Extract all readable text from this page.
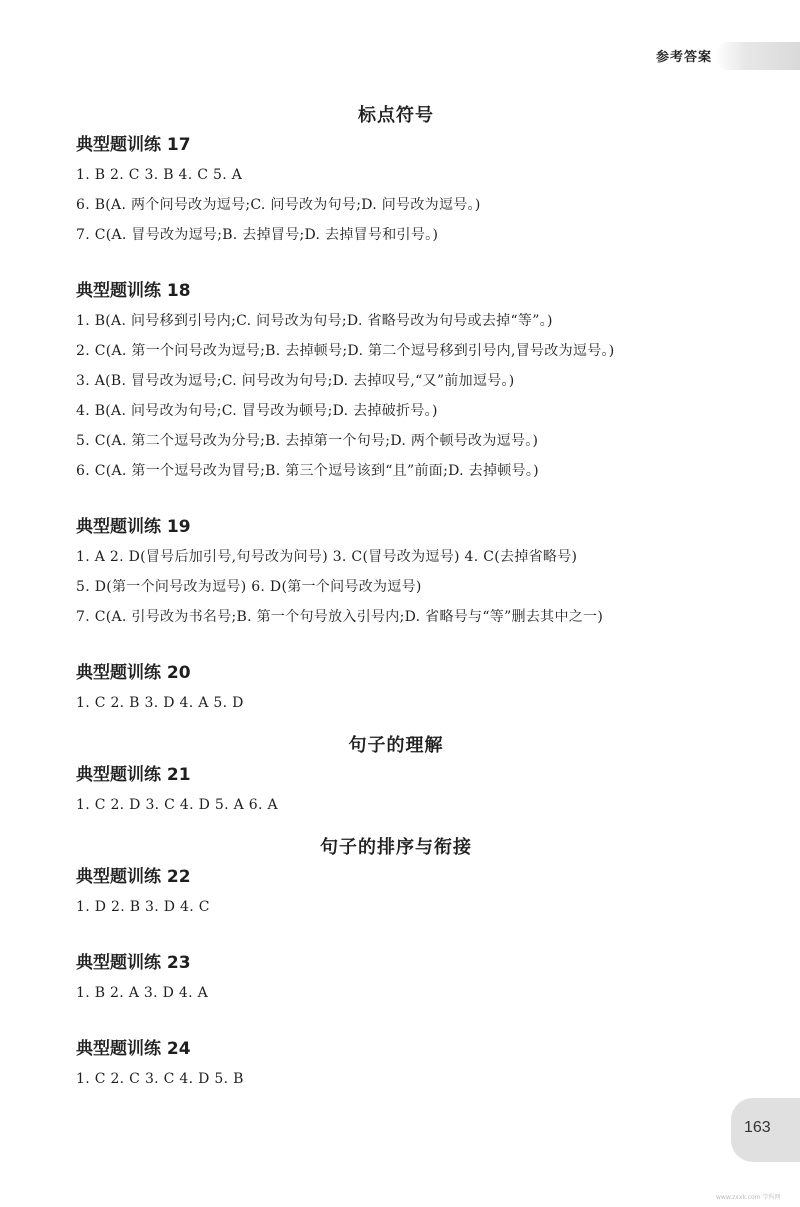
参考答案
标点符号
典型题训练 17
1. B 2. C 3. B 4. C 5. A
6. B(A. 两个问号改为逗号;C. 问号改为句号;D. 问号改为逗号。)
7. C(A. 冒号改为逗号;B. 去掉冒号;D. 去掉冒号和引号。)
典型题训练 18
1. B(A. 问号移到引号内;C. 问号改为句号;D. 省略号改为句号或去掉“等”。)
2. C(A. 第一个问号改为逗号;B. 去掉顿号;D. 第二个逗号移到引号内,冒号改为逗号。)
3. A(B. 冒号改为逗号;C. 问号改为句号;D. 去掉叹号,“又”前加逗号。)
4. B(A. 问号改为句号;C. 冒号改为顿号;D. 去掉破折号。)
5. C(A. 第二个逗号改为分号;B. 去掉第一个句号;D. 两个顿号改为逗号。)
6. C(A. 第一个逗号改为冒号;B. 第三个逗号该到“且”前面;D. 去掉顿号。)
典型题训练 19
1. A 2. D(冒号后加引号,句号改为问号) 3. C(冒号改为逗号) 4. C(去掉省略号)
5. D(第一个问号改为逗号) 6. D(第一个问号改为逗号)
7. C(A. 引号改为书名号;B. 第一个句号放入引号内;D. 省略号与“等”删去其中之一)
典型题训练 20
1. C 2. B 3. D 4. A 5. D
句子的理解
典型题训练 21
1. C 2. D 3. C 4. D 5. A 6. A
句子的排序与衔接
典型题训练 22
1. D 2. B 3. D 4. C
典型题训练 23
1. B 2. A 3. D 4. A
典型题训练 24
1. C 2. C 3. C 4. D 5. B
163
www.zxxk.com 学科网
